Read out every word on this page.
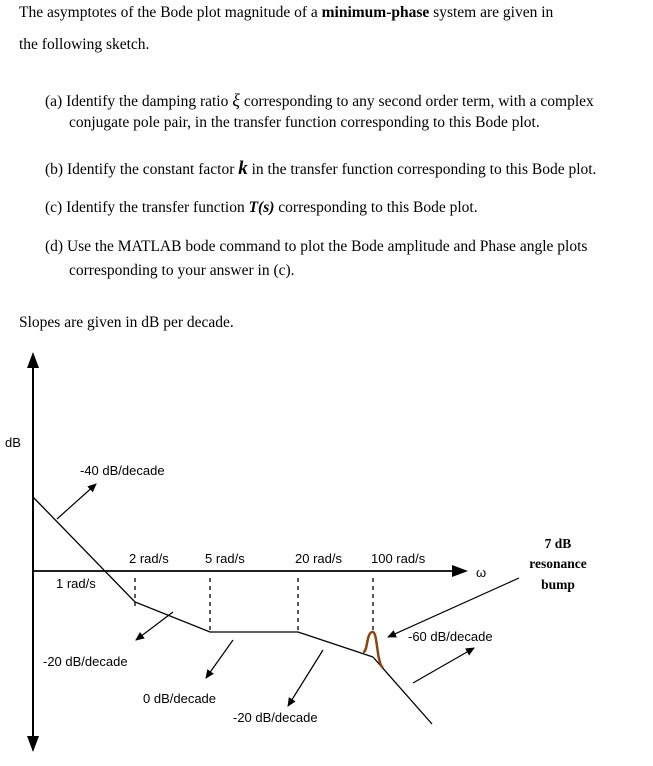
The asymptotes of the Bode plot magnitude of a minimum-phase system are given in
the following sketch.
(a) Identify the damping ratio ξ corresponding to any second order term, with a complex
conjugate pole pair, in the transfer function corresponding to this Bode plot.
(b) Identify the constant factor k in the transfer function corresponding to this Bode plot.
(c) Identify the transfer function T(s) corresponding to this Bode plot.
(d) Use the MATLAB bode command to plot the Bode amplitude and Phase angle plots
corresponding to your answer in (c).
Slopes are given in dB per decade.
dB
ω
1 rad/s
2 rad/s	5 rad/s	20 rad/s 100 rad/s
-40 dB/decade
-20 dB/decade
0 dB/decade
-20 dB/decade
-60 dB/decade
7 dB
resonance
bump
